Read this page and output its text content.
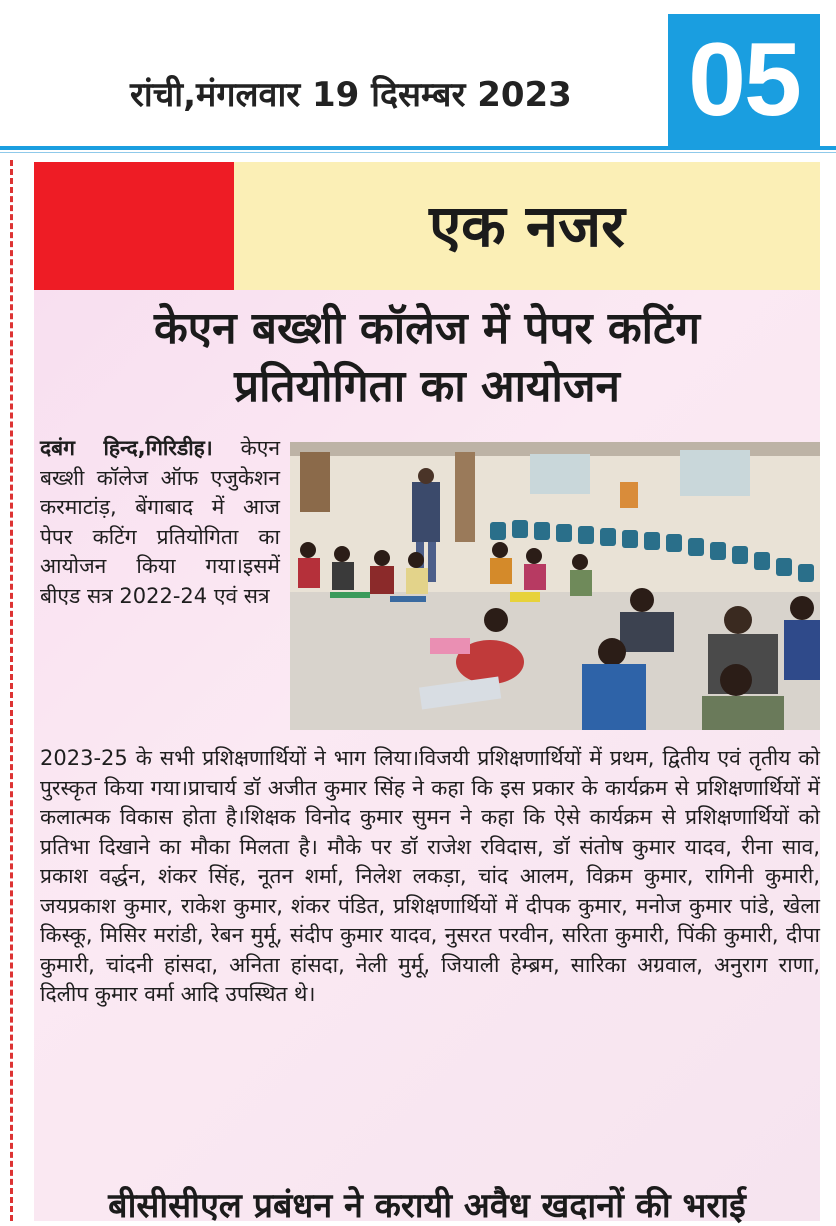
रांची,मंगलवार 19 दिसम्बर 2023 05
एक नजर
केएन बख्शी कॉलेज में पेपर कटिंग
प्रतियोगिता का आयोजन
दबंग हिन्द,गिरिडीह। केएन बख्शी कॉलेज ऑफ एजुकेशन करमाटांड़, बेंगाबाद में आज पेपर कटिंग प्रतियोगिता का आयोजन किया गया।इसमें बीएड सत्र 2022-24 एवं सत्र
2023-25 के सभी प्रशिक्षणार्थियों ने भाग लिया।विजयी प्रशिक्षणार्थियों में प्रथम, द्वितीय एवं तृतीय को पुरस्कृत किया गया।प्राचार्य डॉ अजीत कुमार सिंह ने कहा कि इस प्रकार के कार्यक्रम से प्रशिक्षणार्थियों में कलात्मक विकास होता है।शिक्षक विनोद कुमार सुमन ने कहा कि ऐसे कार्यक्रम से प्रशिक्षणार्थियों को प्रतिभा दिखाने का मौका मिलता है। मौके पर डॉ राजेश रविदास, डॉ संतोष कुमार यादव, रीना साव, प्रकाश वर्द्धन, शंकर सिंह, नूतन शर्मा, निलेश लकड़ा, चांद आलम, विक्रम कुमार, रागिनी कुमारी, जयप्रकाश कुमार, राकेश कुमार, शंकर पंडित, प्रशिक्षणार्थियों में दीपक कुमार, मनोज कुमार पांडे, खेला किस्कू, मिसिर मरांडी, रेबन मुर्मू, संदीप कुमार यादव, नुसरत परवीन, सरिता कुमारी, पिंकी कुमारी, दीपा कुमारी, चांदनी हांसदा, अनिता हांसदा, नेली मुर्मू, जियाली हेम्ब्रम, सारिका अग्रवाल, अनुराग राणा, दिलीप कुमार वर्मा आदि उपस्थित थे।
बीसीसीएल प्रबंधन ने करायी अवैध खदानों की भराई
